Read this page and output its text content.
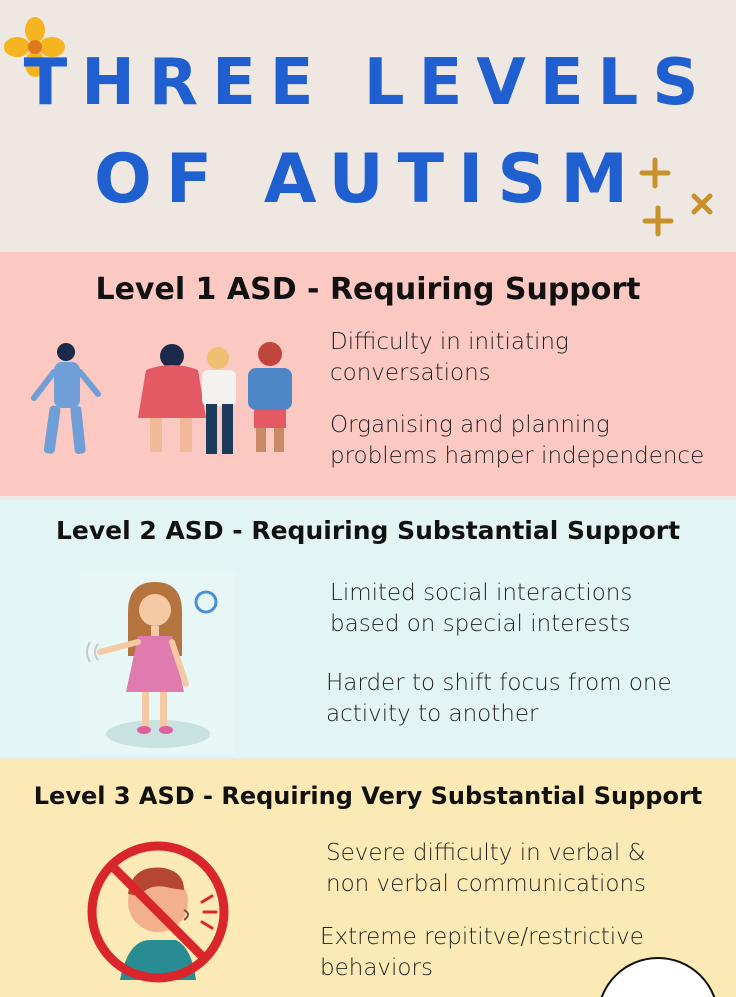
THREE LEVELS
OF AUTISM
Level 1 ASD - Requiring Support
Difficulty in initiating
conversations
Organising and planning
problems hamper independence
Level 2 ASD - Requiring Substantial Support
Limited social interactions
based on special interests
Harder to shift focus from one
activity to another
Level 3 ASD - Requiring Very Substantial Support
Severe difficulty in verbal &
non verbal communications
Extreme repititve/restrictive
behaviors
